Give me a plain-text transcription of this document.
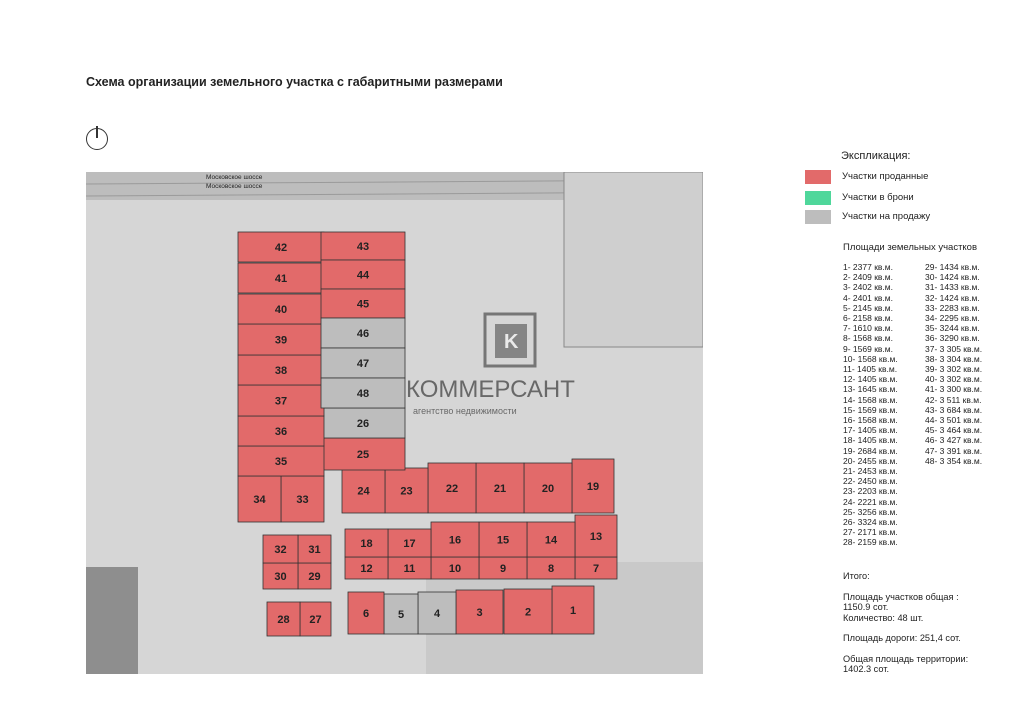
Схема организации земельного участка с габаритными размерами
Московское шоссе
Московское шоссе
1
2
3
4
5
6
7
8
9
10
11
12
13
14
15
16
17
18
19
20
21
22
23
24
25
26
27
28
29
30
31
32
33
34
35
36
37
38
39
40
41
42	43
44
45
46
47
48
K
КОММЕРСАНТ
агентство недвижимости
Экспликация:
Участки проданные
Участки в брони
Участки на продажу
Площади земельных участков
1- 2377 кв.м.
2- 2409 кв.м.
3- 2402 кв.м.
4- 2401 кв.м.
5- 2145 кв.м.
6- 2158 кв.м.
7- 1610 кв.м.
8- 1568 кв.м.
9- 1569 кв.м.
10- 1568 кв.м.
11- 1405 кв.м.
12- 1405 кв.м.
13- 1645 кв.м.
14- 1568 кв.м.
15- 1569 кв.м.
16- 1568 кв.м.
17- 1405 кв.м.
18- 1405 кв.м.
19- 2684 кв.м.
20- 2455 кв.м.
21- 2453 кв.м.
22- 2450 кв.м.
23- 2203 кв.м.
24- 2221 кв.м.
25- 3256 кв.м.
26- 3324 кв.м.
27- 2171 кв.м.
28- 2159 кв.м.
29- 1434 кв.м.
30- 1424 кв.м.
31- 1433 кв.м.
32- 1424 кв.м.
33- 2283 кв.м.
34- 2295 кв.м.
35- 3244 кв.м.
36- 3290 кв.м.
37- 3 305 кв.м.
38- 3 304 кв.м.
39- 3 302 кв.м.
40- 3 302 кв.м.
41- 3 300 кв.м.
42- 3 511 кв.м.
43- 3 684 кв.м.
44- 3 501 кв.м.
45- 3 464 кв.м.
46- 3 427 кв.м.
47- 3 391 кв.м.
48- 3 354 кв.м.
Итого:
Площадь участков общая :
1150.9 сот.
Количество: 48 шт.
Площадь дороги: 251,4 сот.
Общая площадь территории:
1402.3 сот.
